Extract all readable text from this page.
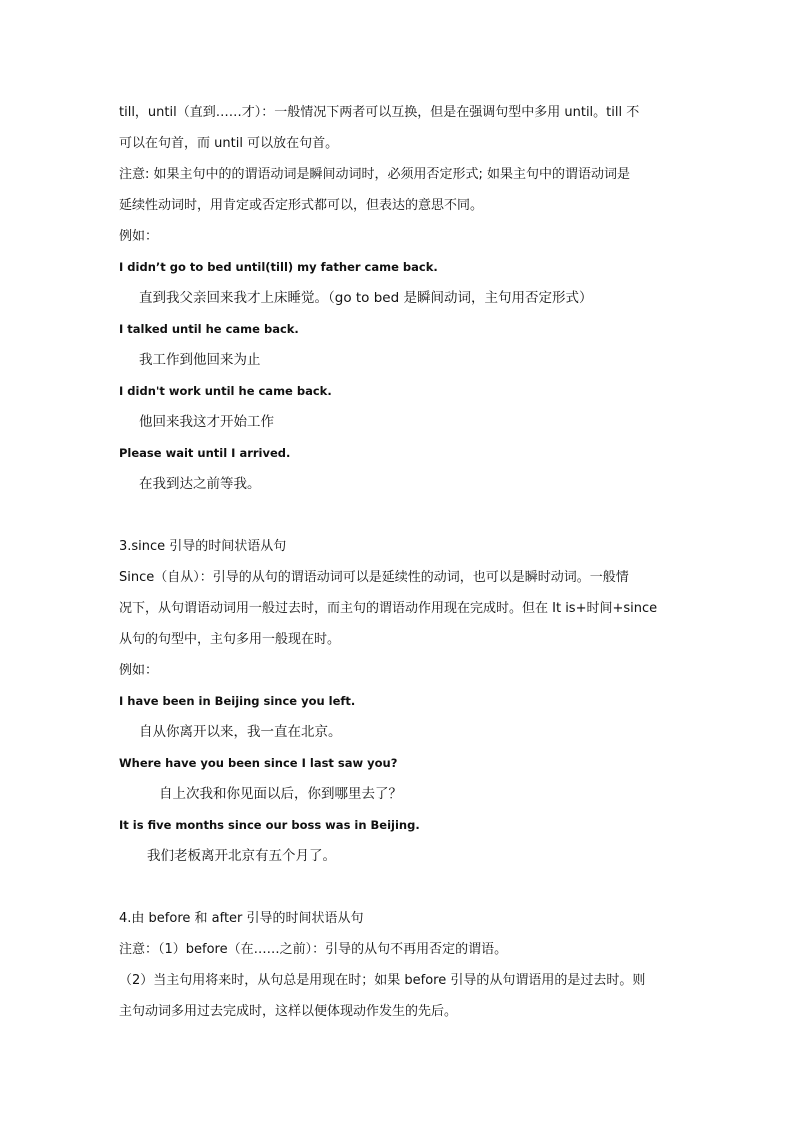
till，until（直到……才）：一般情况下两者可以互换，但是在强调句型中多用 until。till 不
可以在句首，而 until 可以放在句首。
注意: 如果主句中的的谓语动词是瞬间动词时，必须用否定形式; 如果主句中的谓语动词是
延续性动词时，用肯定或否定形式都可以，但表达的意思不同。
例如：
I didn’t go to bed until(till) my father came back.
直到我父亲回来我才上床睡觉。（go to bed 是瞬间动词，主句用否定形式）
I talked until he came back.
我工作到他回来为止
I didn't work until he came back.
他回来我这才开始工作
Please wait until I arrived.
在我到达之前等我。
3.since 引导的时间状语从句
Since（自从）：引导的从句的谓语动词可以是延续性的动词，也可以是瞬时动词。一般情
况下，从句谓语动词用一般过去时，而主句的谓语动作用现在完成时。但在 It is+时间+since
从句的句型中，主句多用一般现在时。
例如：
I have been in Beijing since you left.
自从你离开以来，我一直在北京。
Where have you been since I last saw you?
自上次我和你见面以后，你到哪里去了？
It is five months since our boss was in Beijing.
我们老板离开北京有五个月了。
4.由 before 和 after 引导的时间状语从句
注意：（1）before（在……之前）：引导的从句不再用否定的谓语。
（2）当主句用将来时，从句总是用现在时；如果 before 引导的从句谓语用的是过去时。则
主句动词多用过去完成时，这样以便体现动作发生的先后。
